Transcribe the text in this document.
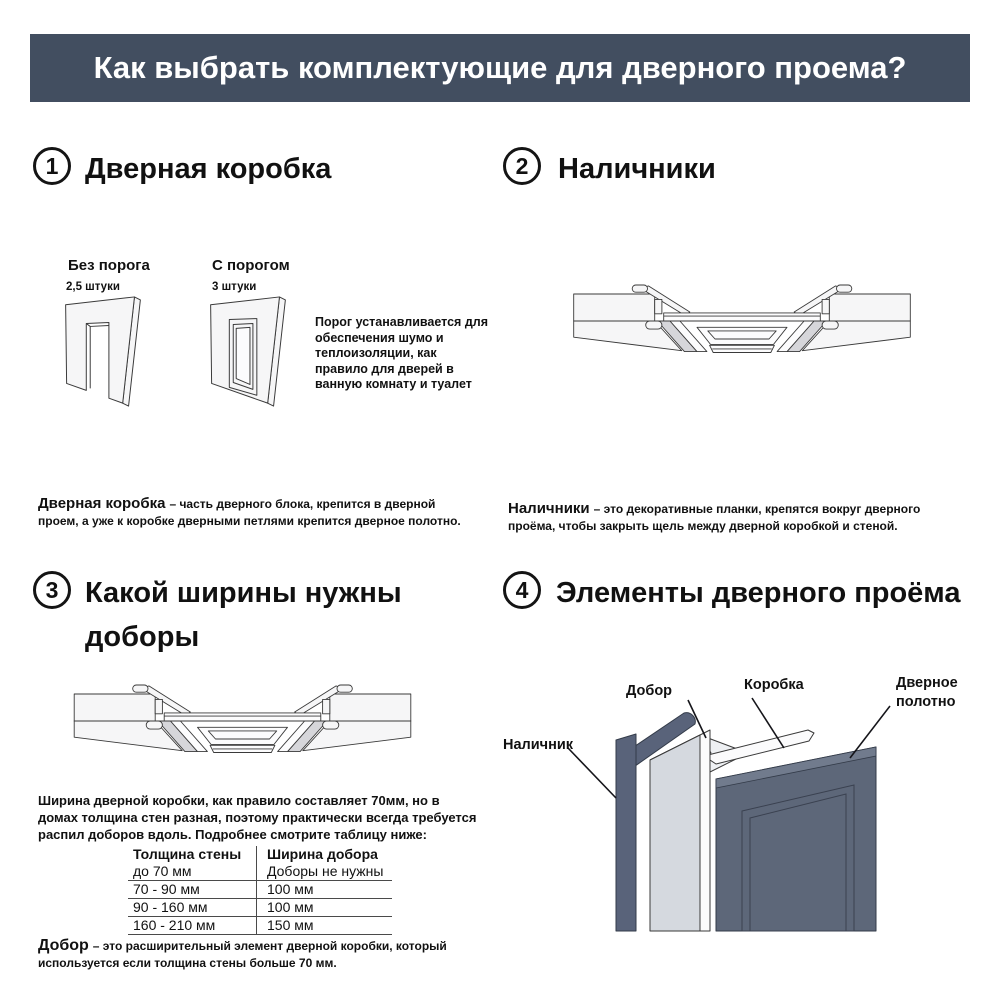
Как выбрать комплектующие для дверного проема?
1 Дверная коробка
Без порога
2,5 штуки
С порогом
3 штуки
Порог устанавливается для обеспечения шумо и теплоизоляции, как правило для дверей в ванную комнату и туалет

Дверная коробка – часть дверного блока, крепится в дверной проем, а уже к коробке дверными петлями крепится дверное полотно.

2 Наличники

Наличники – это декоративные планки, крепятся вокруг дверного проёма, чтобы закрыть щель между дверной коробкой и стеной.

3 Какой ширины нужны доборы
Ширина дверной коробки, как правило составляет 70мм, но в домах толщина стен разная, поэтому практически всегда требуется распил доборов вдоль. Подробнее смотрите таблицу ниже:
Толщина стены	Ширина добора
до 70 мм	Доборы не нужны
70 - 90 мм	100 мм
90 - 160 мм	100 мм
160 - 210 мм	150 мм

Добор – это расширительный элемент дверной коробки, который используется если толщина стены больше 70 мм.

4 Элементы дверного проёма
Наличник
Добор	Коробка	Дверное полотно
